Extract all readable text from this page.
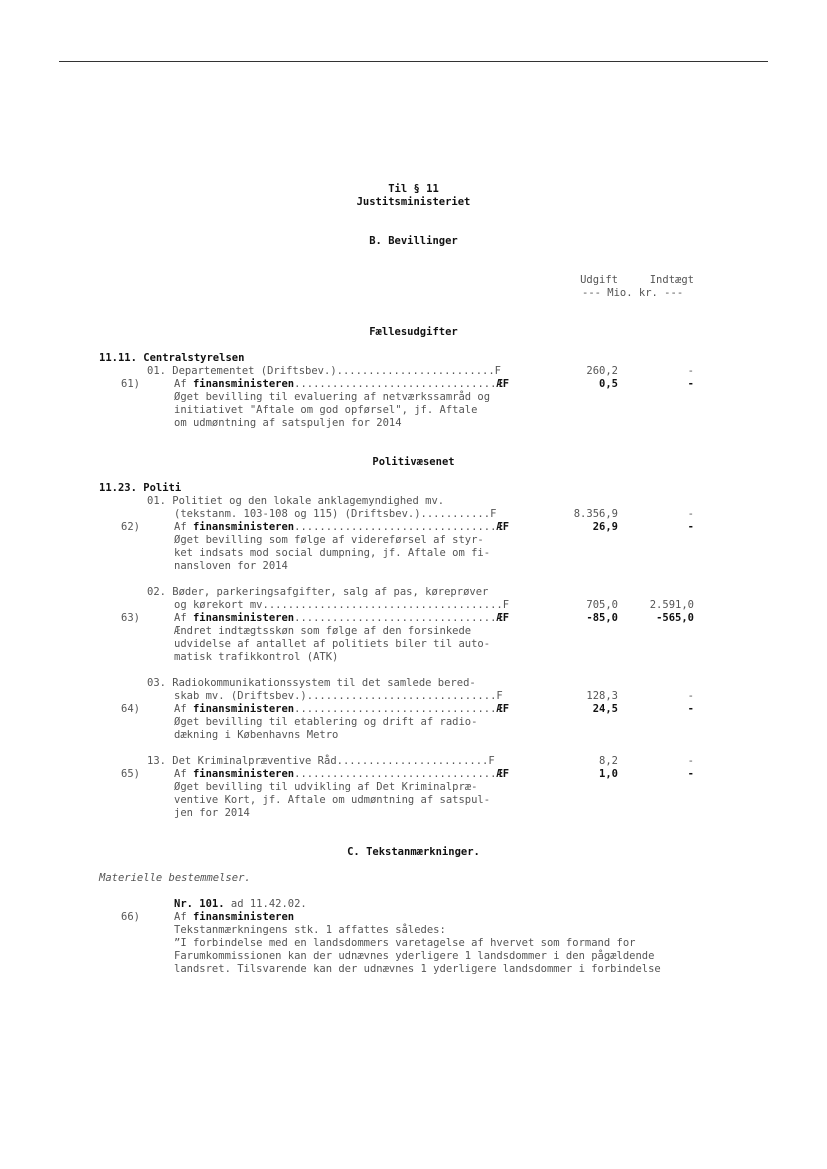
Til § 11
Justitsministeriet
B. Bevillinger
Udgift	Indtægt
--- Mio. kr. ---
Fællesudgifter
11.11. Centralstyrelsen
01. Departementet (Driftsbev.).........................F	260,2	-
61)	Af finansministeren................................ÆF	0,5	-
Øget bevilling til evaluering af netværkssamråd og
initiativet "Aftale om god opførsel", jf. Aftale
om udmøntning af satspuljen for 2014
Politivæsenet
11.23. Politi
01. Politiet og den lokale anklagemyndighed mv.
(tekstanm. 103-108 og 115) (Driftsbev.)...........F	8.356,9	-
62)	Af finansministeren................................ÆF	26,9	-
Øget bevilling som følge af videreførsel af styr-
ket indsats mod social dumpning, jf. Aftale om fi-
nansloven for 2014
02. Bøder, parkeringsafgifter, salg af pas, køreprøver
og kørekort mv......................................F	705,0	2.591,0
63)	Af finansministeren................................ÆF	-85,0	-565,0
Ændret indtægtsskøn som følge af den forsinkede
udvidelse af antallet af politiets biler til auto-
matisk trafikkontrol (ATK)
03. Radiokommunikationssystem til det samlede bered-
skab mv. (Driftsbev.)..............................F	128,3	-
64)	Af finansministeren................................ÆF	24,5	-
Øget bevilling til etablering og drift af radio-
dækning i Københavns Metro
13. Det Kriminalpræventive Råd........................F	8,2	-
65)	Af finansministeren................................ÆF	1,0	-
Øget bevilling til udvikling af Det Kriminalpræ-
ventive Kort, jf. Aftale om udmøntning af satspul-
jen for 2014
C. Tekstanmærkninger.
Materielle bestemmelser.
Nr. 101. ad 11.42.02.
66)	Af finansministeren
Tekstanmærkningens stk. 1 affattes således:
”I forbindelse med en landsdommers varetagelse af hvervet som formand for
Farumkommissionen kan der udnævnes yderligere 1 landsdommer i den pågældende
landsret. Tilsvarende kan der udnævnes 1 yderligere landsdommer i forbindelse
